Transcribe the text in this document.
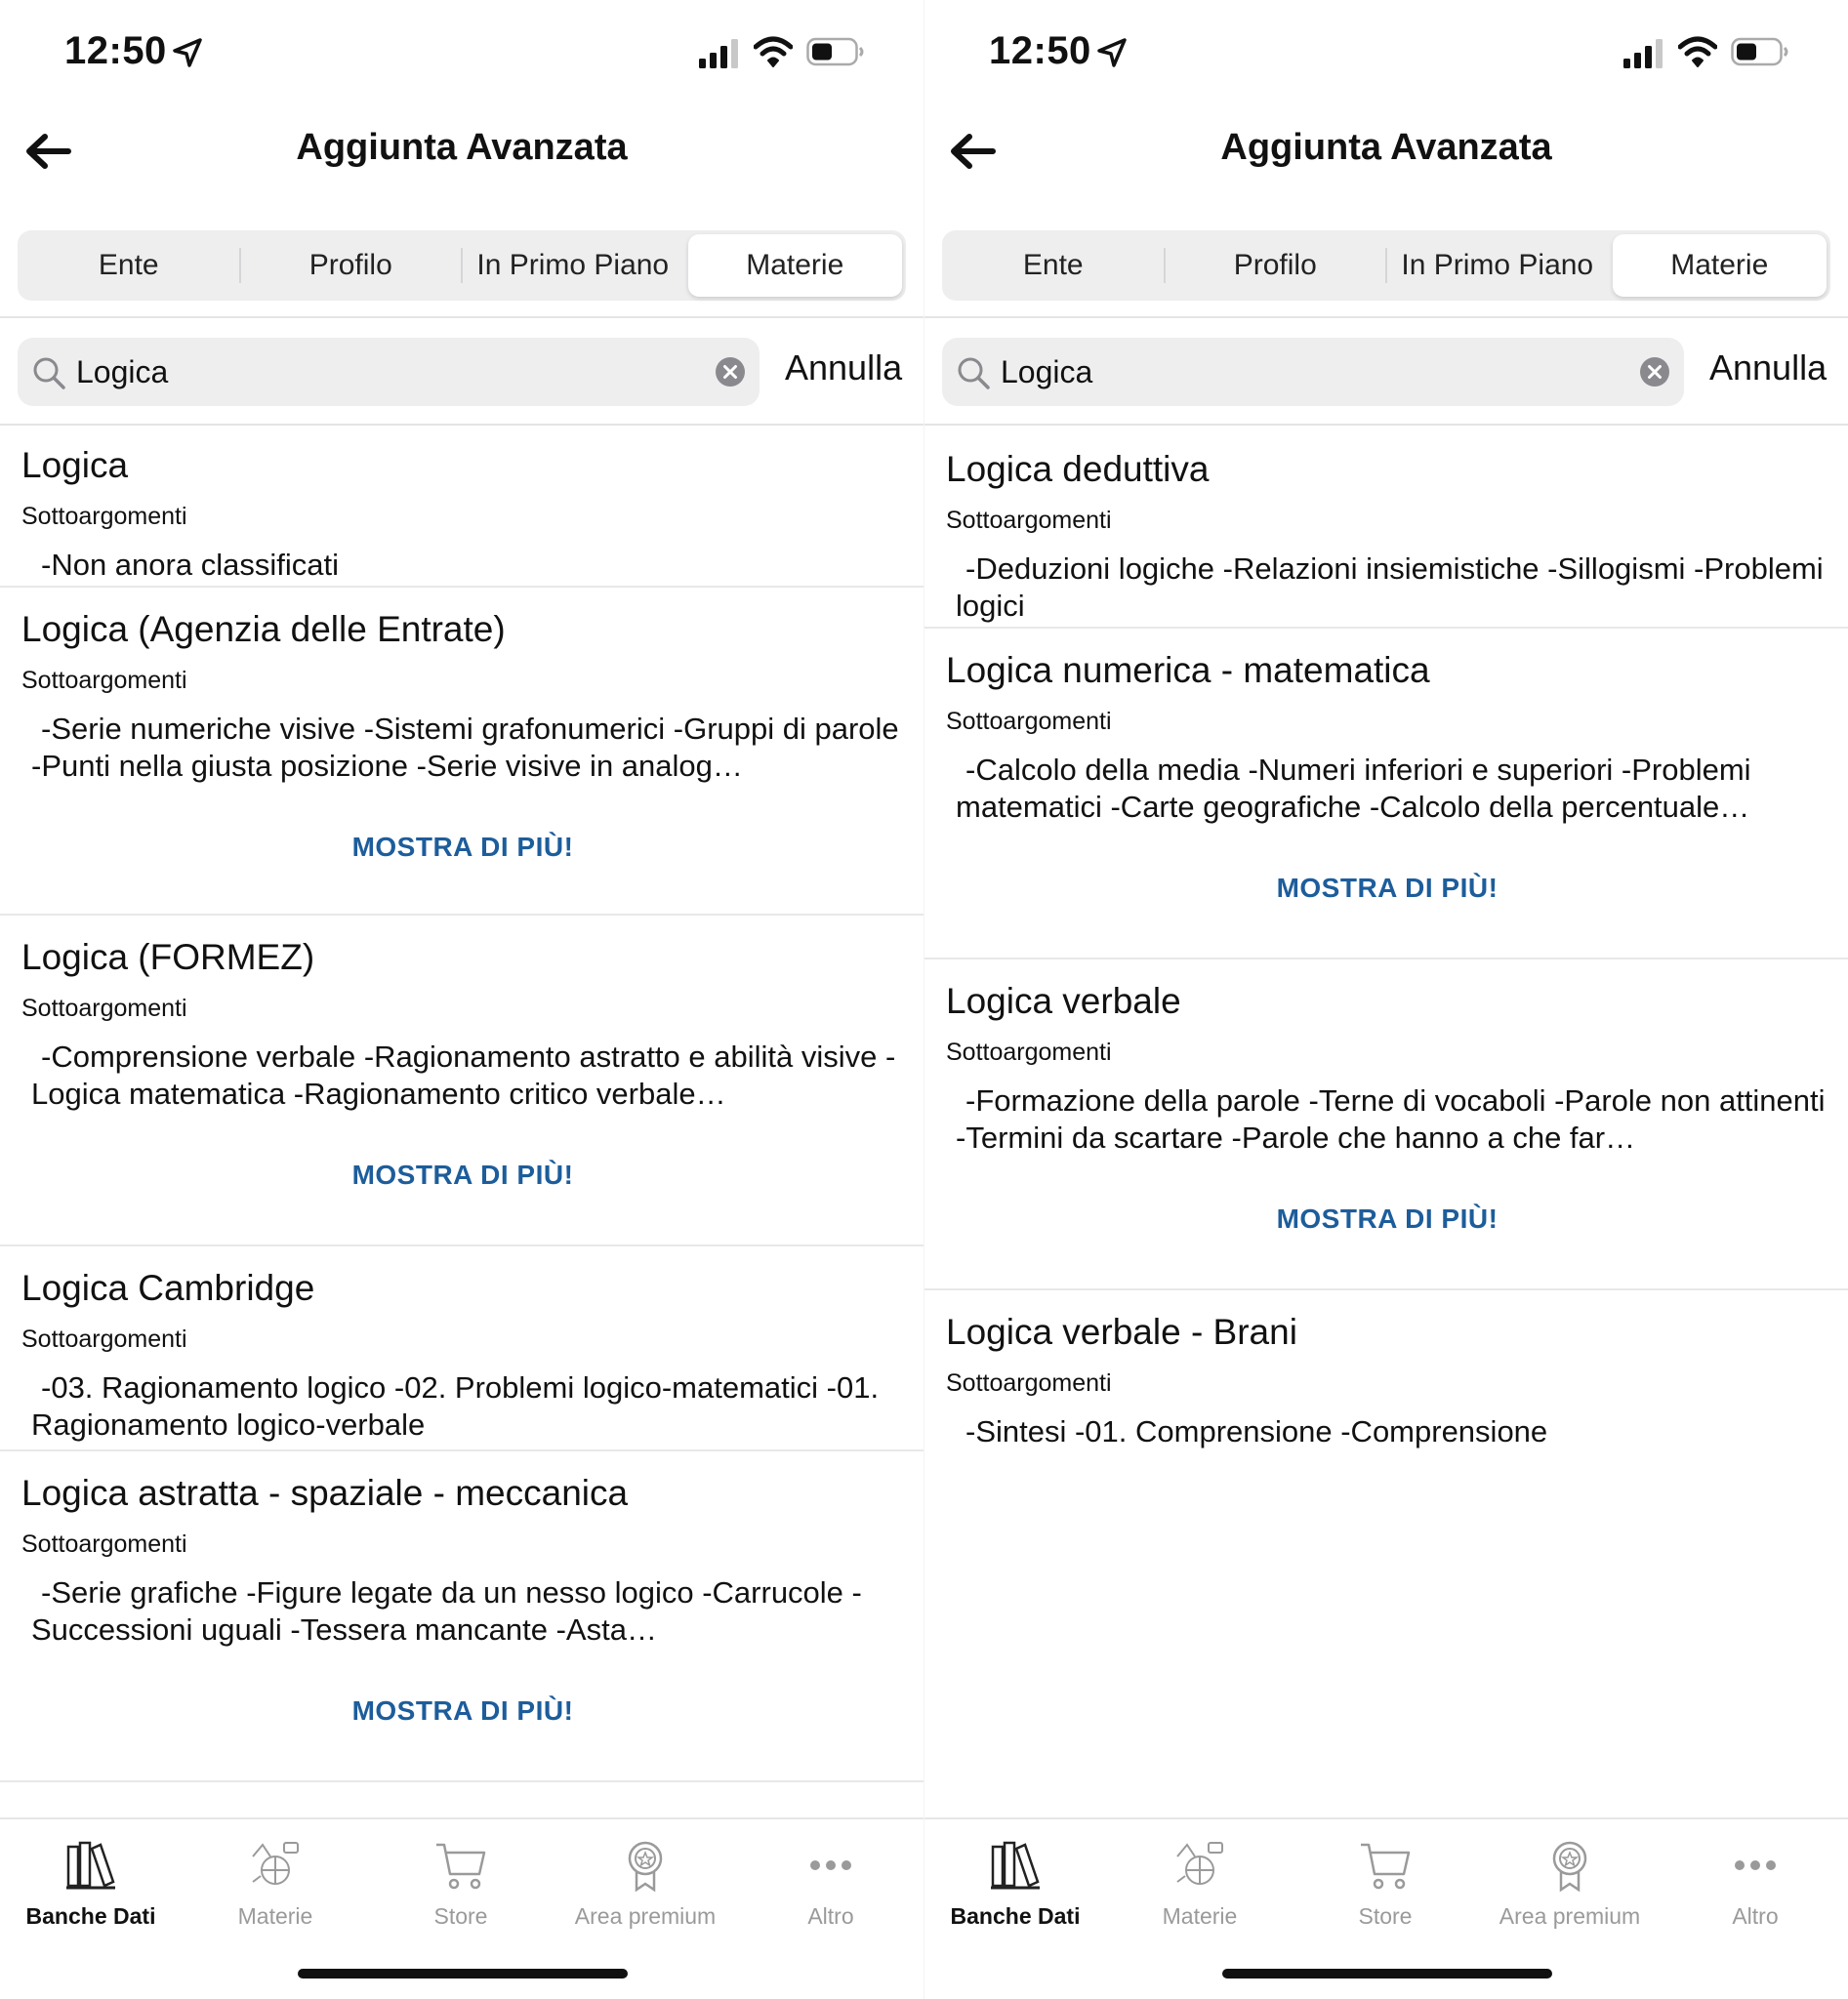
12:50
Aggiunta Avanzata
Ente	Profilo	In Primo Piano	Materie
Logica
Annulla
Logica
Sottoargomenti
-Non anora classificati
Logica (Agenzia delle Entrate)
Sottoargomenti
-Serie numeriche visive -Sistemi grafonumerici -Gruppi di parole -Punti nella giusta posizione -Serie visive in analog…
MOSTRA DI PIÙ!
Logica (FORMEZ)
Sottoargomenti
-Comprensione verbale -Ragionamento astratto e abilità visive -Logica matematica -Ragionamento critico verbale…
MOSTRA DI PIÙ!
Logica Cambridge
Sottoargomenti
-03. Ragionamento logico -02. Problemi logico-matematici -01. Ragionamento logico-verbale
Logica astratta - spaziale - meccanica
Sottoargomenti
-Serie grafiche -Figure legate da un nesso logico -Carrucole -Successioni uguali -Tessera mancante -Asta…
MOSTRA DI PIÙ!
Banche Dati	Materie	Store	Area premium	Altro
12:50
Aggiunta Avanzata
Ente	Profilo	In Primo Piano	Materie
Logica
Annulla
Logica deduttiva
Sottoargomenti
-Deduzioni logiche -Relazioni insiemistiche -Sillogismi -Problemi logici
Logica numerica - matematica
Sottoargomenti
-Calcolo della media -Numeri inferiori e superiori -Problemi matematici -Carte geografiche -Calcolo della percentuale…
MOSTRA DI PIÙ!
Logica verbale
Sottoargomenti
-Formazione della parole -Terne di vocaboli -Parole non attinenti -Termini da scartare -Parole che hanno a che far…
MOSTRA DI PIÙ!
Logica verbale - Brani
Sottoargomenti
-Sintesi -01. Comprensione -Comprensione
Banche Dati	Materie	Store	Area premium	Altro
